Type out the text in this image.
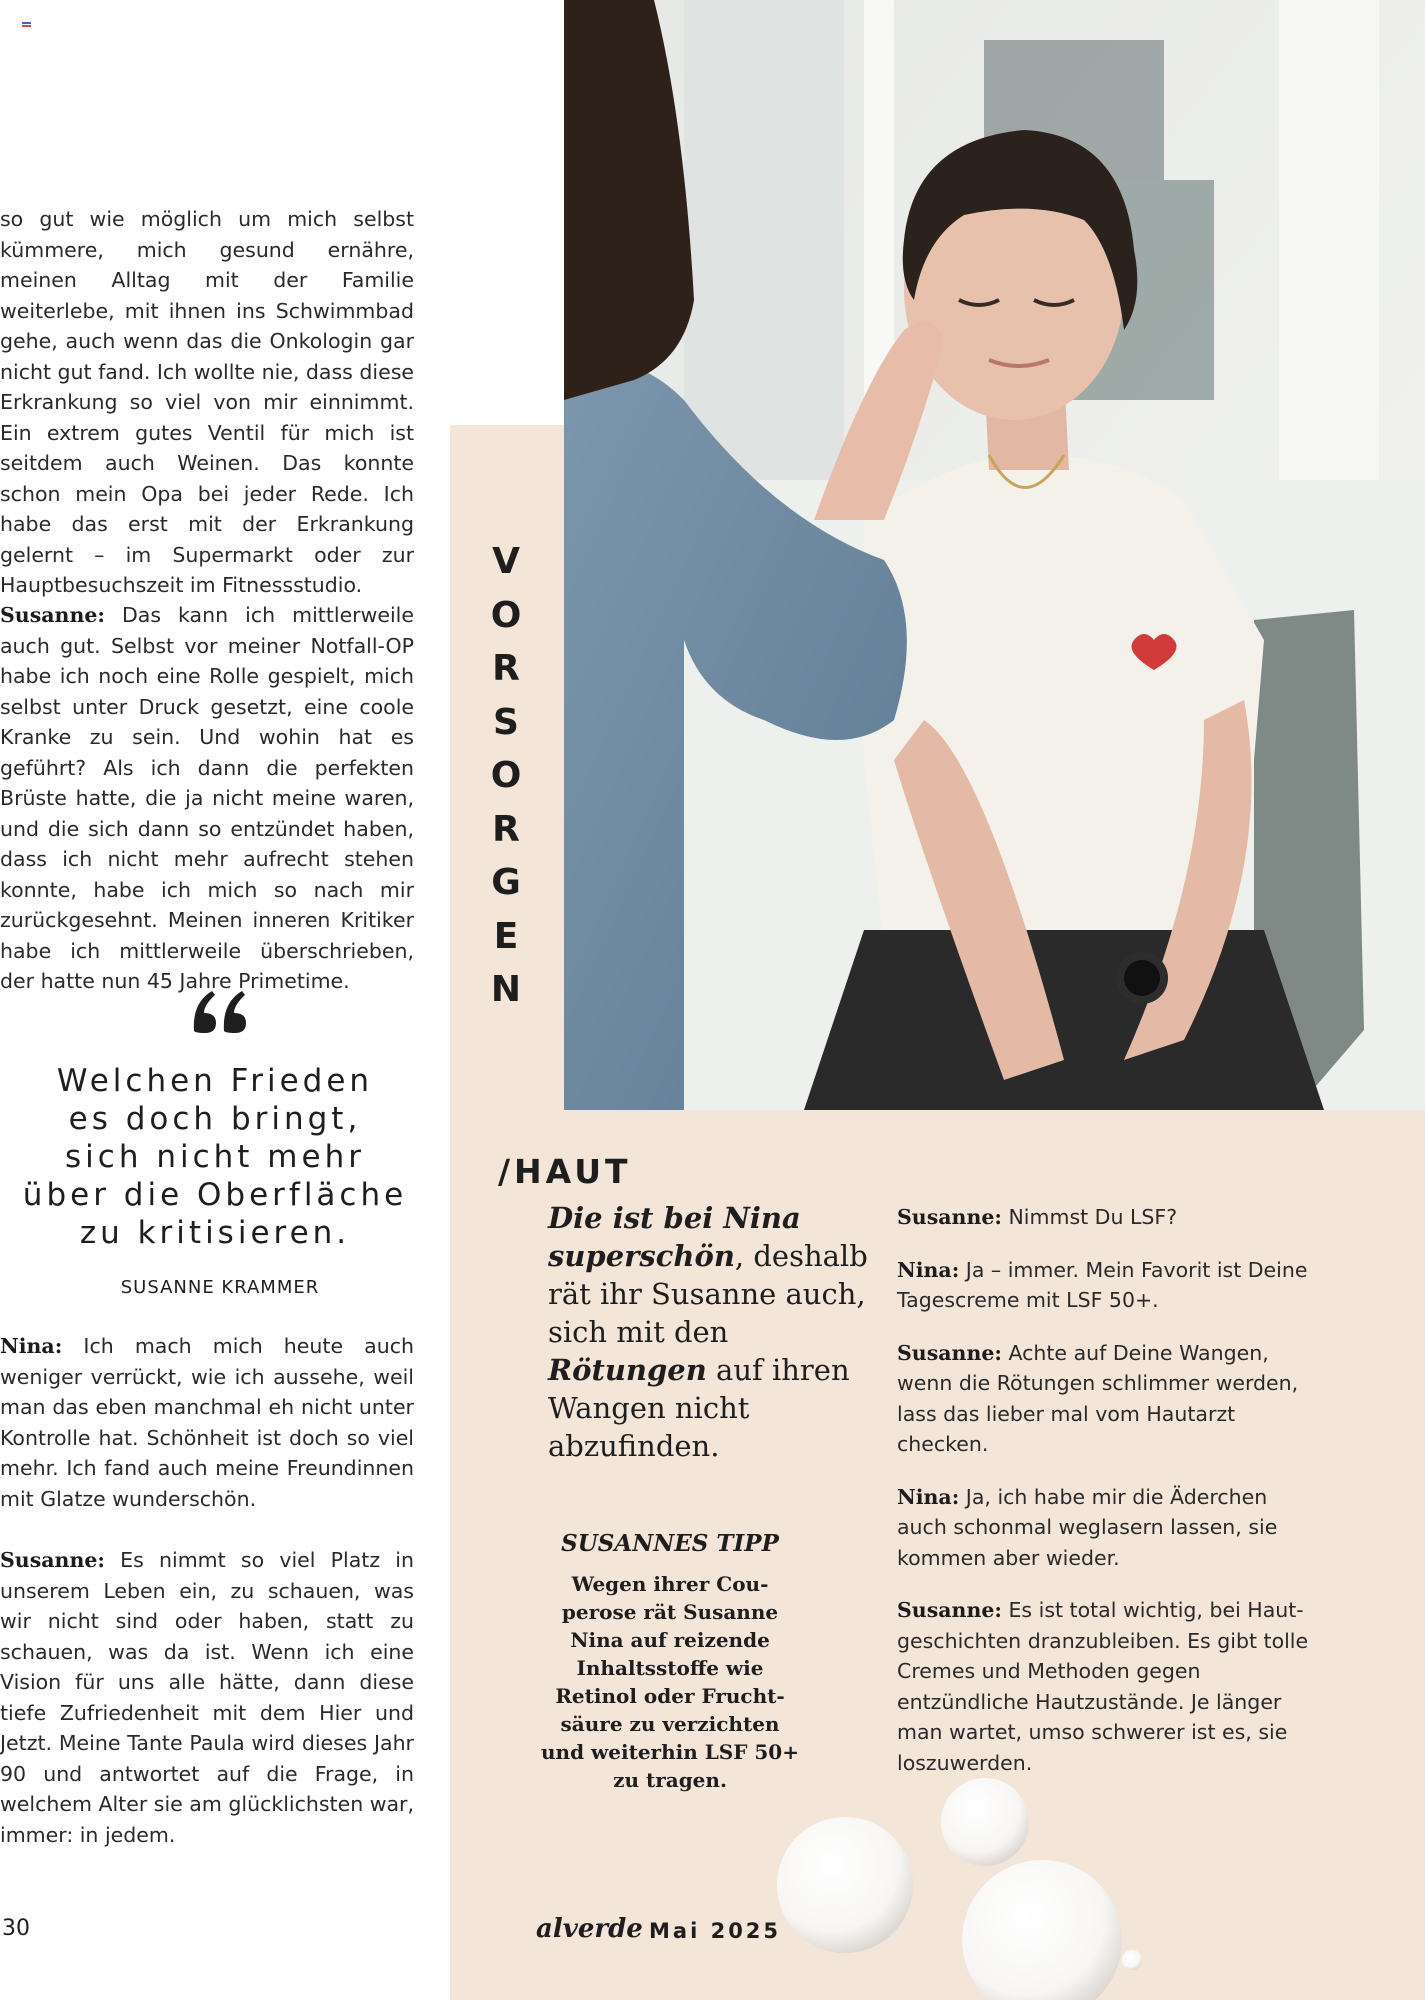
so gut wie möglich um mich selbst kümmere, mich gesund ernähre, meinen Alltag mit der Familie weiterlebe, mit ihnen ins Schwimmbad gehe, auch wenn das die Onkologin gar nicht gut fand. Ich wollte nie, dass diese Erkrankung so viel von mir einnimmt. Ein extrem gutes Ventil für mich ist seitdem auch Weinen. Das konnte schon mein Opa bei jeder Rede. Ich habe das erst mit der Erkrankung gelernt – im Supermarkt oder zur Hauptbesuchszeit im Fitnessstudio.

Susanne: Das kann ich mittlerweile auch gut. Selbst vor meiner Notfall-OP habe ich noch eine Rolle gespielt, mich selbst unter Druck gesetzt, eine coole Kranke zu sein. Und wohin hat es geführt? Als ich dann die perfekten Brüste hatte, die ja nicht meine waren, und die sich dann so entzündet haben, dass ich nicht mehr aufrecht stehen konnte, habe ich mich so nach mir zurückgesehnt. Meinen inneren Kritiker habe ich mittlerweile überschrieben, der hatte nun 45 Jahre Primetime.

Welchen Frieden
es doch bringt,
sich nicht mehr
über die Oberfläche
zu kritisieren.
SUSANNE KRAMMER

Nina: Ich mach mich heute auch weniger verrückt, wie ich aussehe, weil man das eben manchmal eh nicht unter Kontrolle hat. Schönheit ist doch so viel mehr. Ich fand auch meine Freundinnen mit Glatze wunderschön.

Susanne: Es nimmt so viel Platz in unserem Leben ein, zu schauen, was wir nicht sind oder haben, statt zu schauen, was da ist. Wenn ich eine Vision für uns alle hätte, dann diese tiefe Zufriedenheit mit dem Hier und Jetzt. Meine Tante Paula wird dieses Jahr 90 und antwortet auf die Frage, in welchem Alter sie am glücklichsten war, immer: in jedem.

V
O
R
S
O
R
G
E
N
/HAUT
Die ist bei Nina superschön, deshalb rät ihr Susanne auch, sich mit den Rötungen auf ihren Wangen nicht abzufinden.
SUSANNES TIPP
Wegen ihrer Couperose rät Susanne Nina auf reizende Inhaltsstoffe wie Retinol oder Fruchtsäure zu verzichten und weiterhin LSF 50+ zu tragen.

Susanne: Nimmst Du LSF?

Nina: Ja – immer. Mein Favorit ist Deine Tagescreme mit LSF 50+.

Susanne: Achte auf Deine Wangen, wenn die Rötungen schlimmer werden, lass das lieber mal vom Hautarzt checken.

Nina: Ja, ich habe mir die Äderchen auch schonmal weglasern lassen, sie kommen aber wieder.

Susanne: Es ist total wichtig, bei Hautgeschichten dranzubleiben. Es gibt tolle Cremes und Methoden gegen entzündliche Hautzustände. Je länger man wartet, umso schwerer ist es, sie loszuwerden.

30	alverde Mai 2025
